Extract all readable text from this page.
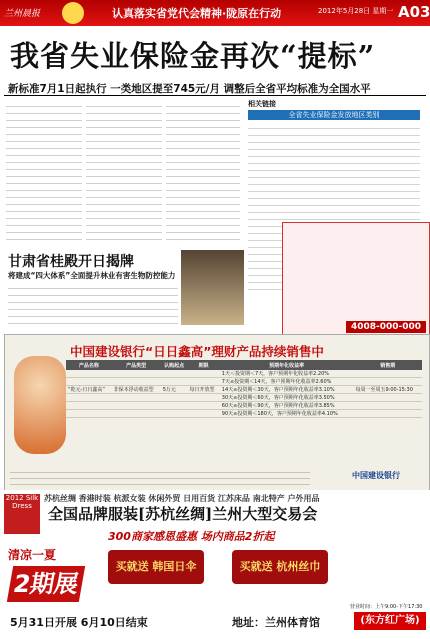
兰州晨报	认真落实省党代会精神·陇原在行动	2012年5月28日 星期一 A03
我省失业保险金再次“提标”
新标准7月1日起执行 一类地区提至745元/月 调整后全省平均标准为全国水平
相关链接
全省失业保险金发放地区类别
甘肃省桂殿开日揭牌
将建成“四大体系”全面提升林业有害生物防控能力
4008-000-000
中国建设银行“日日鑫高”理财产品持续销售中
产品名称	产品类型	认购起点	期限	预期年化收益率	销售期
				1天＜投资期＜7天，客户预期年化收益率2.20%	
				7天≤投资期＜14天，客户预期年化收益率2.60%	
“乾元-日日鑫高”	非保本浮动收益型	5万元	每日开放型	14天≤投资期＜30天，客户预期年化收益率3.10%	每周一至周五9:00-15:30
				30天≤投资期＜60天，客户预期年化收益率3.50%	
				60天≤投资期＜90天，客户预期年化收益率3.85%	
				90天≤投资期＜180天，客户预期年化收益率4.10%	
中国建设银行
2012 Silk Dress
苏杭丝绸 香港时装 杭派女装 休闲外贸 日用百货 江苏床品 南北特产 户外用品
全国品牌服装[苏杭丝绸]兰州大型交易会
300商家感恩盛惠 场内商品2折起
清凉一夏
2期展
买就送 韩国日伞	买就送 杭州丝巾
营业时间：上午9:00-下午17:30
5月31日开展 6月10日结束	地址：兰州体育馆	(东方红广场)
